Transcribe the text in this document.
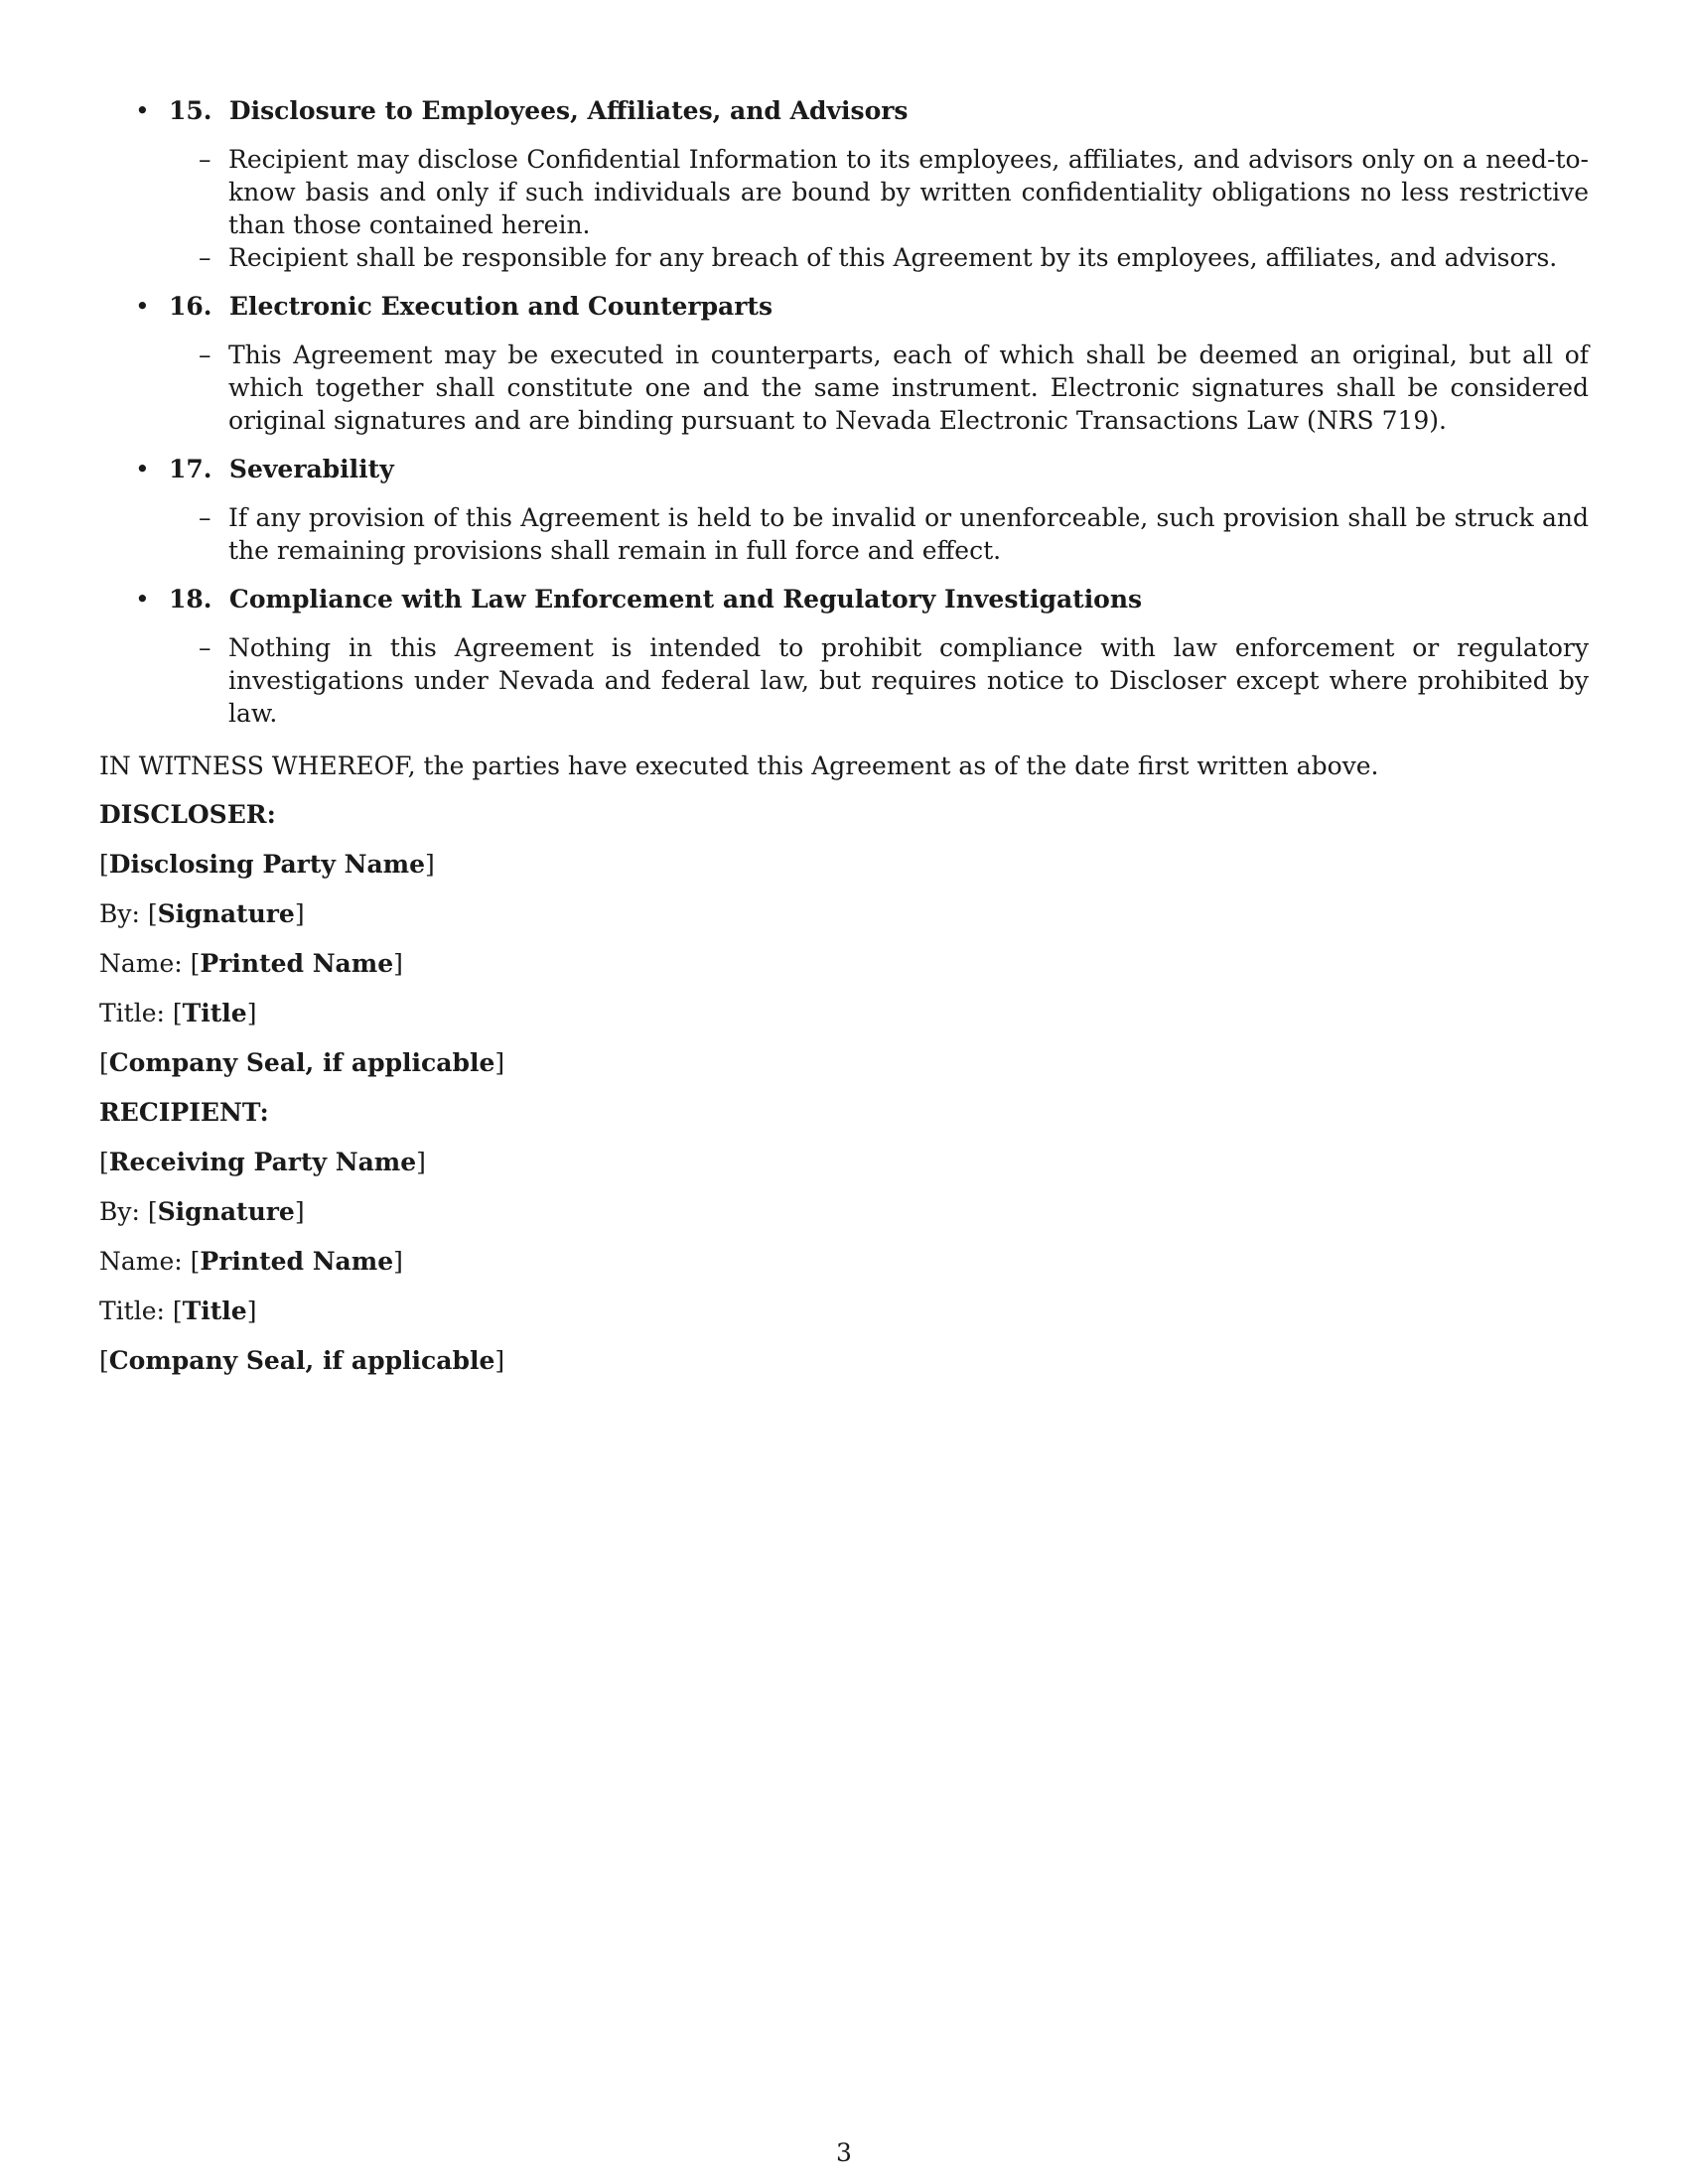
• 15. Disclosure to Employees, Affiliates, and Advisors
– Recipient may disclose Confidential Information to its employees, affiliates, and advisors only on a need-to-know basis and only if such individuals are bound by written confidentiality obligations no less restrictive than those contained herein.
– Recipient shall be responsible for any breach of this Agreement by its employees, affiliates, and advisors.
• 16. Electronic Execution and Counterparts
– This Agreement may be executed in counterparts, each of which shall be deemed an original, but all of which together shall constitute one and the same instrument. Electronic signatures shall be considered original signatures and are binding pursuant to Nevada Electronic Transactions Law (NRS 719).
• 17. Severability
– If any provision of this Agreement is held to be invalid or unenforceable, such provision shall be struck and the remaining provisions shall remain in full force and effect.
• 18. Compliance with Law Enforcement and Regulatory Investigations
– Nothing in this Agreement is intended to prohibit compliance with law enforcement or regulatory investigations under Nevada and federal law, but requires notice to Discloser except where prohibited by law.
IN WITNESS WHEREOF, the parties have executed this Agreement as of the date first written above.
DISCLOSER:
[Disclosing Party Name]
By: [Signature]
Name: [Printed Name]
Title: [Title]
[Company Seal, if applicable]
RECIPIENT:
[Receiving Party Name]
By: [Signature]
Name: [Printed Name]
Title: [Title]
[Company Seal, if applicable]
3
